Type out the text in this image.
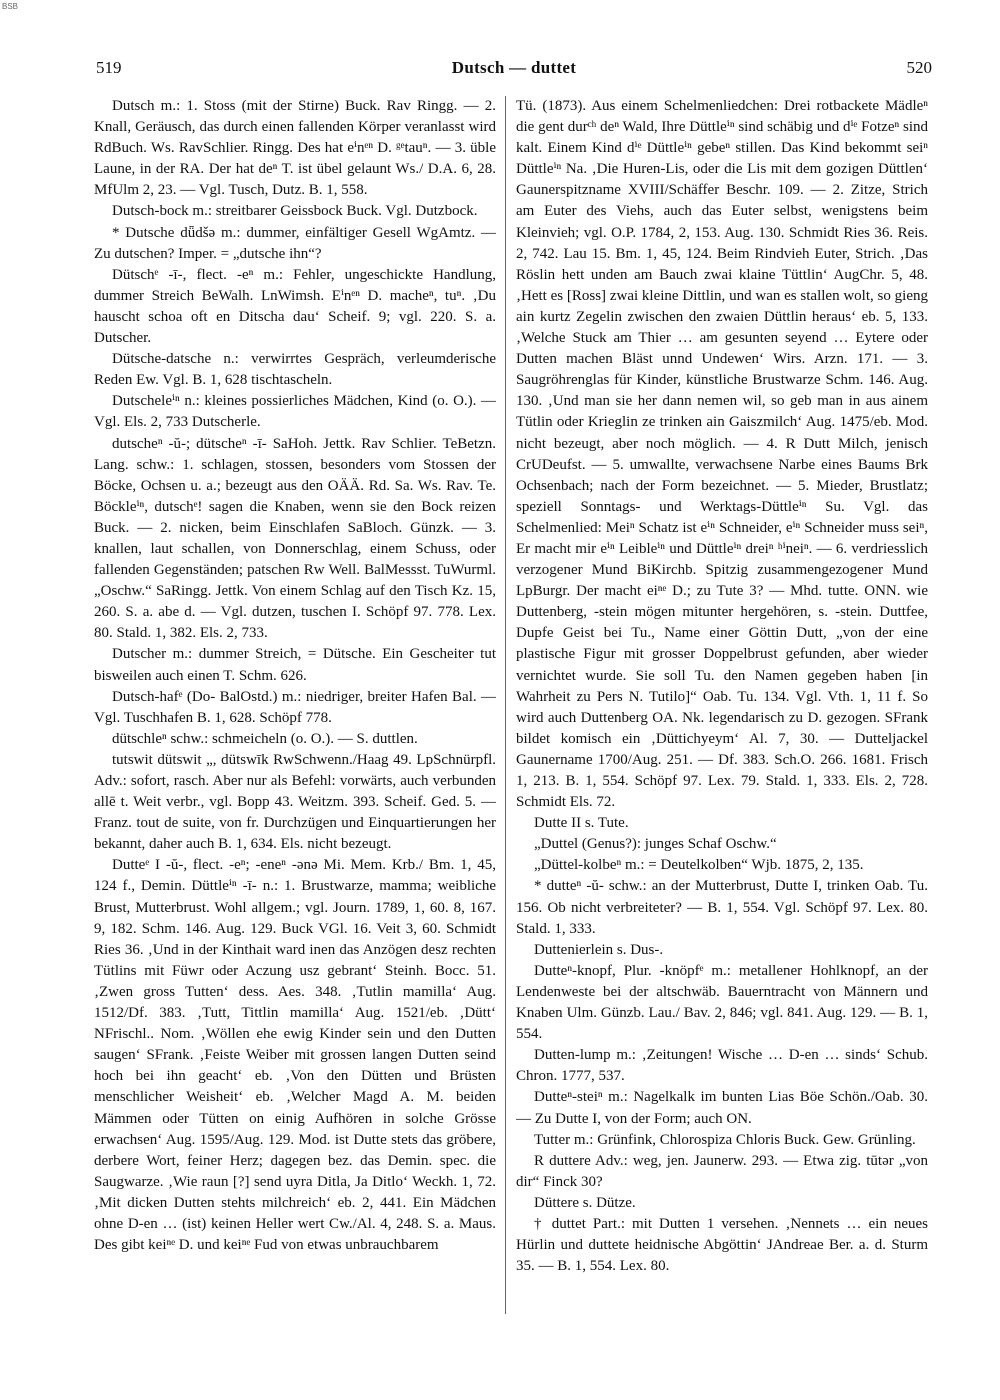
BSB
519	Dutsch — duttet	520

Dutsch m.: 1. Stoss (mit der Stirne) Buck. Rav Ringg. — 2. Knall, Geräusch, das durch einen fallenden Körper veranlasst wird RdBuch. Ws. RavSchlier. Ringg. Des hat eⁱnᵉⁿ D. ᵍᵉtauⁿ. — 3. üble Laune, in der RA. Der hat deⁿ T. ist übel gelaunt Ws./ D.A. 6, 28. MfUlm 2, 23. — Vgl. Tusch, Dutz. B. 1, 558.

Dutsch-bock m.: streitbarer Geissbock Buck. Vgl. Dutzbock.

* Dutsche dǖdšə m.: dummer, einfältiger Gesell WgAmtz. — Zu dutschen? Imper. = „dutsche ihn“?

Dütschᵉ -ī-, flect. -eⁿ m.: Fehler, ungeschickte Handlung, dummer Streich BeWalh. LnWimsh. Eⁱnᵉⁿ D. macheⁿ, tuⁿ. ‚Du hauscht schoa oft en Ditscha dau‘ Scheif. 9; vgl. 220. S. a. Dutscher.

Dütsche-datsche n.: verwirrtes Gespräch, verleumderische Reden Ew. Vgl. B. 1, 628 tischtascheln.

Dutscheleⁱⁿ n.: kleines possierliches Mädchen, Kind (o. O.). — Vgl. Els. 2, 733 Dutscherle.

dutscheⁿ -ŭ-; dütscheⁿ -ī- SaHoh. Jettk. Rav Schlier. TeBetzn. Lang. schw.: 1. schlagen, stossen, besonders vom Stossen der Böcke, Ochsen u. a.; bezeugt aus den OÄÄ. Rd. Sa. Ws. Rav. Te. Böckleⁱⁿ, dutschᵉ! sagen die Knaben, wenn sie den Bock reizen Buck. — 2. nicken, beim Einschlafen SaBloch. Günzk. — 3. knallen, laut schallen, von Donnerschlag, einem Schuss, oder fallenden Gegenständen; patschen Rw Well. BalMessst. TuWurml. „Oschw.“ SaRingg. Jettk. Von einem Schlag auf den Tisch Kz. 15, 260. S. a. abe d. — Vgl. dutzen, tuschen I. Schöpf 97. 778. Lex. 80. Stald. 1, 382. Els. 2, 733.

Dutscher m.: dummer Streich, = Dütsche. Ein Gescheiter tut bisweilen auch einen T. Schm. 626.

Dutsch-hafᵉ (Do- BalOstd.) m.: niedriger, breiter Hafen Bal. — Vgl. Tuschhafen B. 1, 628. Schöpf 778.

dütschleⁿ schw.: schmeicheln (o. O.). — S. duttlen.

tutswit dütswit „, dütswīk RwSchwenn./Haag 49. LpSchnürpfl. Adv.: sofort, rasch. Aber nur als Befehl: vorwärts, auch verbunden allē t. Weit verbr., vgl. Bopp 43. Weitzm. 393. Scheif. Ged. 5. — Franz. tout de suite, von fr. Durchzügen und Einquartierungen her bekannt, daher auch B. 1, 634. Els. nicht bezeugt.

Dutteᵉ I -ŭ-, flect. -eⁿ; -eneⁿ -ənə Mi. Mem. Krb./ Bm. 1, 45, 124 f., Demin. Düttleⁱⁿ -ī- n.: 1. Brustwarze, mamma; weibliche Brust, Mutterbrust. Wohl allgem.; vgl. Journ. 1789, 1, 60. 8, 167. 9, 182. Schm. 146. Aug. 129. Buck VGl. 16. Veit 3, 60. Schmidt Ries 36. ‚Und in der Kinthait ward inen das Anzögen desz rechten Tütlins mit Füwr oder Aczung usz gebrant‘ Steinh. Bocc. 51. ‚Zwen gross Tutten‘ dess. Aes. 348. ‚Tutlin mamilla‘ Aug. 1512/Df. 383. ‚Tutt, Tittlin mamilla‘ Aug. 1521/eb. ‚Dütt‘ NFrischl.. Nom. ‚Wöllen ehe ewig Kinder sein und den Dutten saugen‘ SFrank. ‚Feiste Weiber mit grossen langen Dutten seind hoch bei ihn geacht‘ eb. ‚Von den Dütten und Brüsten menschlicher Weisheit‘ eb. ‚Welcher Magd A. M. beiden Mämmen oder Tütten on einig Aufhören in solche Grösse erwachsen‘ Aug. 1595/Aug. 129. Mod. ist Dutte stets das gröbere, derbere Wort, feiner Herz; dagegen bez. das Demin. spec. die Saugwarze. ‚Wie raun [?] send uyra Ditla, Ja Ditlo‘ Weckh. 1, 72. ‚Mit dicken Dutten stehts milchreich‘ eb. 2, 441. Ein Mädchen ohne D-en … (ist) keinen Heller wert Cw./Al. 4, 248. S. a. Maus. Des gibt keiⁿᵉ D. und keiⁿᵉ Fud von etwas unbrauchbarem

Tü. (1873). Aus einem Schelmenliedchen: Drei rotbackete Mädleⁿ die gent durᶜʰ deⁿ Wald, Ihre Düttleⁱⁿ sind schäbig und dⁱᵉ Fotzeⁿ sind kalt. Einem Kind dⁱᵉ Düttleⁱⁿ gebeⁿ stillen. Das Kind bekommt seiⁿ Düttleⁱⁿ Na. ‚Die Huren-Lis, oder die Lis mit dem gozigen Düttlen‘ Gaunerspitzname XVIII/Schäffer Beschr. 109. — 2. Zitze, Strich am Euter des Viehs, auch das Euter selbst, wenigstens beim Kleinvieh; vgl. O.P. 1784, 2, 153. Aug. 130. Schmidt Ries 36. Reis. 2, 742. Lau 15. Bm. 1, 45, 124. Beim Rindvieh Euter, Strich. ‚Das Röslin hett unden am Bauch zwai klaine Tüttlin‘ AugChr. 5, 48. ‚Hett es [Ross] zwai kleine Dittlin, und wan es stallen wolt, so gieng ain kurtz Zegelin zwischen den zwaien Düttlin heraus‘ eb. 5, 133. ‚Welche Stuck am Thier … am gesunten seyend … Eytere oder Dutten machen Bläst unnd Undewen‘ Wirs. Arzn. 171. — 3. Saugröhrenglas für Kinder, künstliche Brustwarze Schm. 146. Aug. 130. ‚Und man sie her dann nemen wil, so geb man in aus ainem Tütlin oder Krieglin ze trinken ain Gaiszmilch‘ Aug. 1475/eb. Mod. nicht bezeugt, aber noch möglich. — 4. R Dutt Milch, jenisch CrUDeufst. — 5. umwallte, verwachsene Narbe eines Baums Brk Ochsenbach; nach der Form bezeichnet. — 5. Mieder, Brustlatz; speziell Sonntags- und Werktags-Düttleⁱⁿ Su. Vgl. das Schelmenlied: Meiⁿ Schatz ist eⁱⁿ Schneider, eⁱⁿ Schneider muss seiⁿ, Er macht mir eⁱⁿ Leibleⁱⁿ und Düttleⁱⁿ dreiⁿ ʰⁱneiⁿ. — 6. verdriesslich verzogener Mund BiKirchb. Spitzig zusammengezogener Mund LpBurgr. Der macht eiⁿᵉ D.; zu Tute 3? — Mhd. tutte. ONN. wie Duttenberg, -stein mögen mitunter hergehören, s. -stein. Duttfee, Dupfe Geist bei Tu., Name einer Göttin Dutt, „von der eine plastische Figur mit grosser Doppelbrust gefunden, aber wieder vernichtet wurde. Sie soll Tu. den Namen gegeben haben [in Wahrheit zu Pers N. Tutilo]“ Oab. Tu. 134. Vgl. Vth. 1, 11 f. So wird auch Duttenberg OA. Nk. legendarisch zu D. gezogen. SFrank bildet komisch ein ‚Düttichyeym‘ Al. 7, 30. — Dutteljackel Gaunername 1700/Aug. 251. — Df. 383. Sch.O. 266. 1681. Frisch 1, 213. B. 1, 554. Schöpf 97. Lex. 79. Stald. 1, 333. Els. 2, 728. Schmidt Els. 72.

Dutte II s. Tute.

„Duttel (Genus?): junges Schaf Oschw.“

„Düttel-kolbeⁿ m.: = Deutelkolben“ Wjb. 1875, 2, 135.

* dutteⁿ -ŭ- schw.: an der Mutterbrust, Dutte I, trinken Oab. Tu. 156. Ob nicht verbreiteter? — B. 1, 554. Vgl. Schöpf 97. Lex. 80. Stald. 1, 333.

Duttenierlein s. Dus-.

Dutteⁿ-knopf, Plur. -knöpfᵉ m.: metallener Hohlknopf, an der Lendenweste bei der altschwäb. Bauerntracht von Männern und Knaben Ulm. Günzb. Lau./ Bav. 2, 846; vgl. 841. Aug. 129. — B. 1, 554.

Dutten-lump m.: ‚Zeitungen! Wische … D-en … sinds‘ Schub. Chron. 1777, 537.

Dutteⁿ-steiⁿ m.: Nagelkalk im bunten Lias Böe Schön./Oab. 30. — Zu Dutte I, von der Form; auch ON.

Tutter m.: Grünfink, Chlorospiza Chloris Buck. Gew. Grünling.

R duttere Adv.: weg, jen. Jaunerw. 293. — Etwa zig. tūtər „von dir“ Finck 30?

Düttere s. Dütze.

† duttet Part.: mit Dutten 1 versehen. ‚Nennets … ein neues Hürlin und duttete heidnische Abgöttin‘ JAndreae Ber. a. d. Sturm 35. — B. 1, 554. Lex. 80.
